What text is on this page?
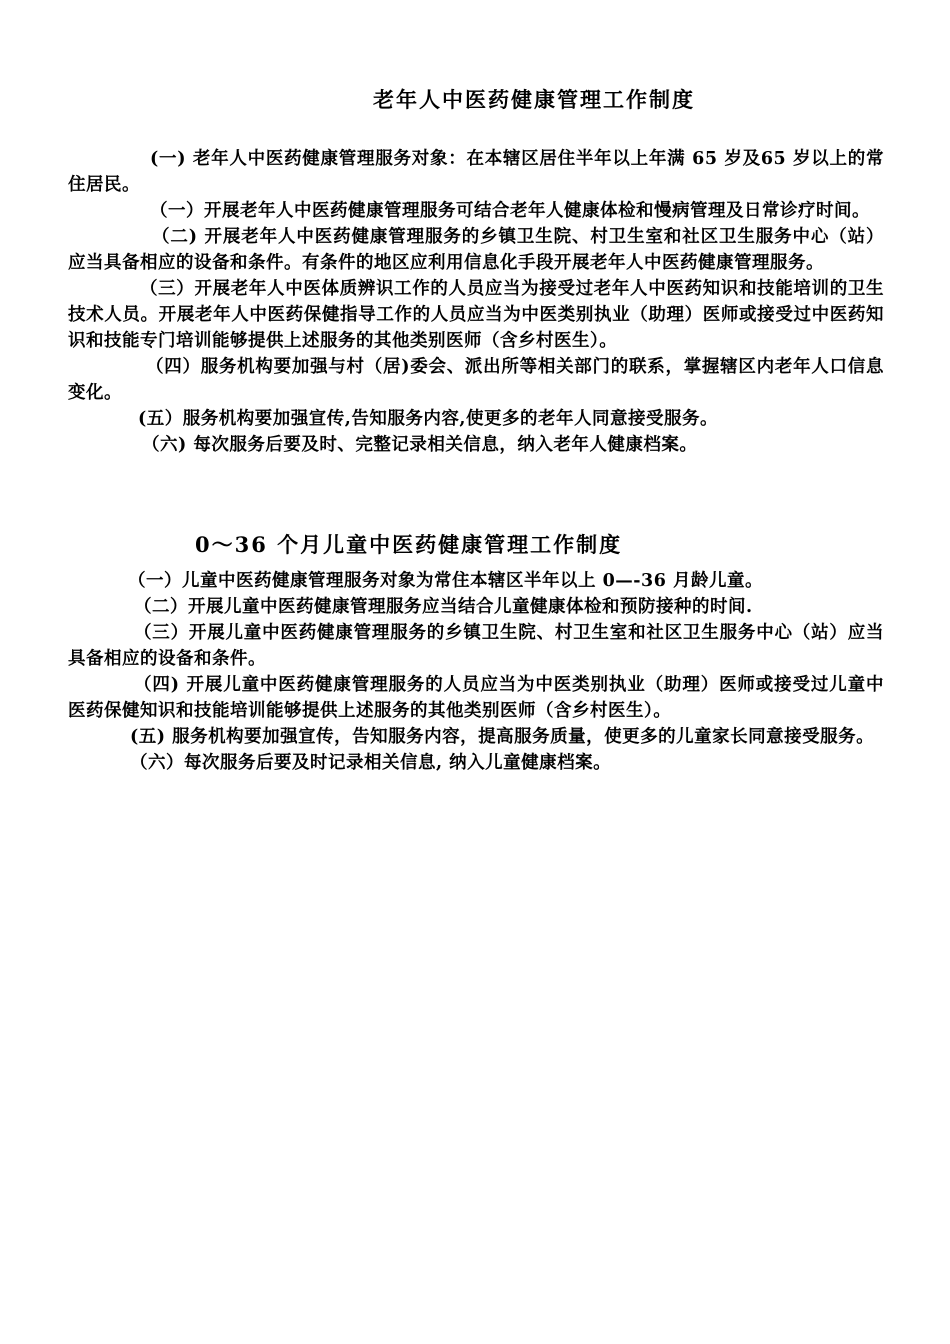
老年人中医药健康管理工作制度

(一) 老年人中医药健康管理服务对象：在本辖区居住半年以上年满 65 岁及65 岁以上的常住居民。

（一）开展老年人中医药健康管理服务可结合老年人健康体检和慢病管理及日常诊疗时间。

（二) 开展老年人中医药健康管理服务的乡镇卫生院、村卫生室和社区卫生服务中心（站）应当具备相应的设备和条件。有条件的地区应利用信息化手段开展老年人中医药健康管理服务。

（三）开展老年人中医体质辨识工作的人员应当为接受过老年人中医药知识和技能培训的卫生技术人员。开展老年人中医药保健指导工作的人员应当为中医类别执业（助理）医师或接受过中医药知识和技能专门培训能够提供上述服务的其他类别医师（含乡村医生）。

（四）服务机构要加强与村（居)委会、派出所等相关部门的联系，掌握辖区内老年人口信息变化。

(五）服务机构要加强宣传,告知服务内容,使更多的老年人同意接受服务。

（六) 每次服务后要及时、完整记录相关信息，纳入老年人健康档案。

0～36 个月儿童中医药健康管理工作制度

（一）儿童中医药健康管理服务对象为常住本辖区半年以上 0—-36 月龄儿童。

（二）开展儿童中医药健康管理服务应当结合儿童健康体检和预防接种的时间.

（三）开展儿童中医药健康管理服务的乡镇卫生院、村卫生室和社区卫生服务中心（站）应当具备相应的设备和条件。

（四) 开展儿童中医药健康管理服务的人员应当为中医类别执业（助理）医师或接受过儿童中医药保健知识和技能培训能够提供上述服务的其他类别医师（含乡村医生）。

(五) 服务机构要加强宣传，告知服务内容，提高服务质量，使更多的儿童家长同意接受服务。

（六）每次服务后要及时记录相关信息, 纳入儿童健康档案。
